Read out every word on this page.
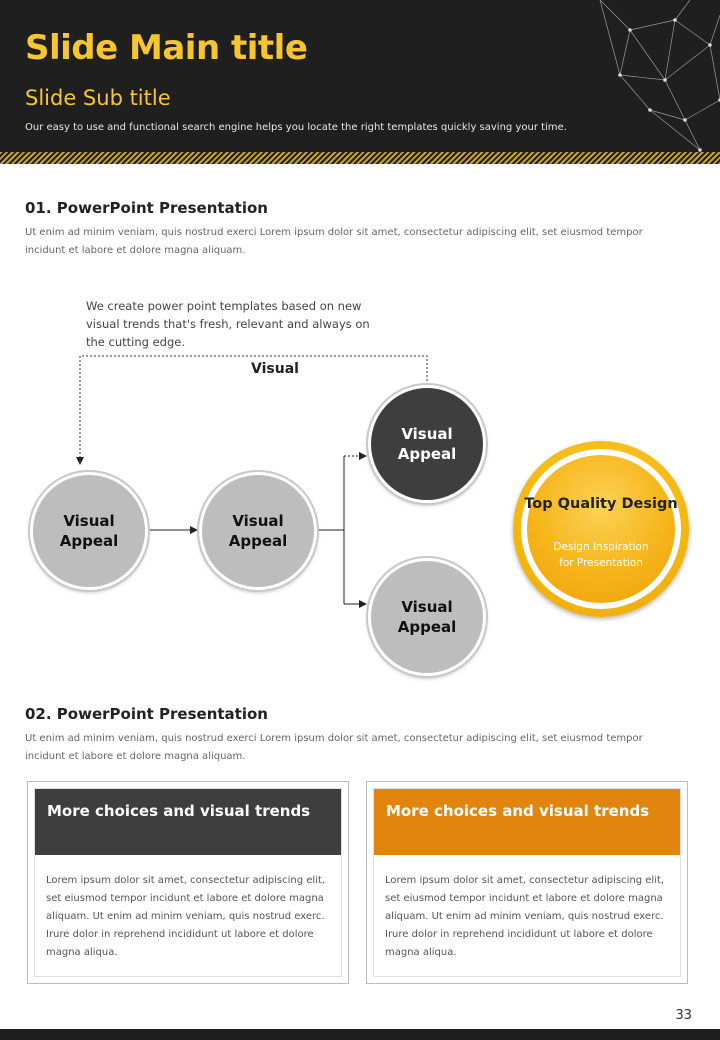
Slide Main title
Slide Sub title
Our easy to use and functional search engine helps you locate the right templates quickly saving your time.
01. PowerPoint Presentation
Ut enim ad minim veniam, quis nostrud exerci Lorem ipsum dolor sit amet, consectetur adipiscing elit, set eiusmod tempor incidunt et labore et dolore magna aliquam.
We create power point templates based on new visual trends that's fresh, relevant and always on the cutting edge.
Visual
Visual
Appeal
Visual
Appeal
Visual
Appeal
Visual
Appeal
Top Quality Design
Design Inspiration
for Presentation
02. PowerPoint Presentation
Ut enim ad minim veniam, quis nostrud exerci Lorem ipsum dolor sit amet, consectetur adipiscing elit, set eiusmod tempor incidunt et labore et dolore magna aliquam.
More choices and visual trends
Lorem ipsum dolor sit amet, consectetur adipiscing elit, set eiusmod tempor incidunt et labore et dolore magna aliquam. Ut enim ad minim veniam, quis nostrud exerc. Irure dolor in reprehend incididunt ut labore et dolore magna aliqua.
More choices and visual trends
Lorem ipsum dolor sit amet, consectetur adipiscing elit, set eiusmod tempor incidunt et labore et dolore magna aliquam. Ut enim ad minim veniam, quis nostrud exerc. Irure dolor in reprehend incididunt ut labore et dolore magna aliqua.
33
